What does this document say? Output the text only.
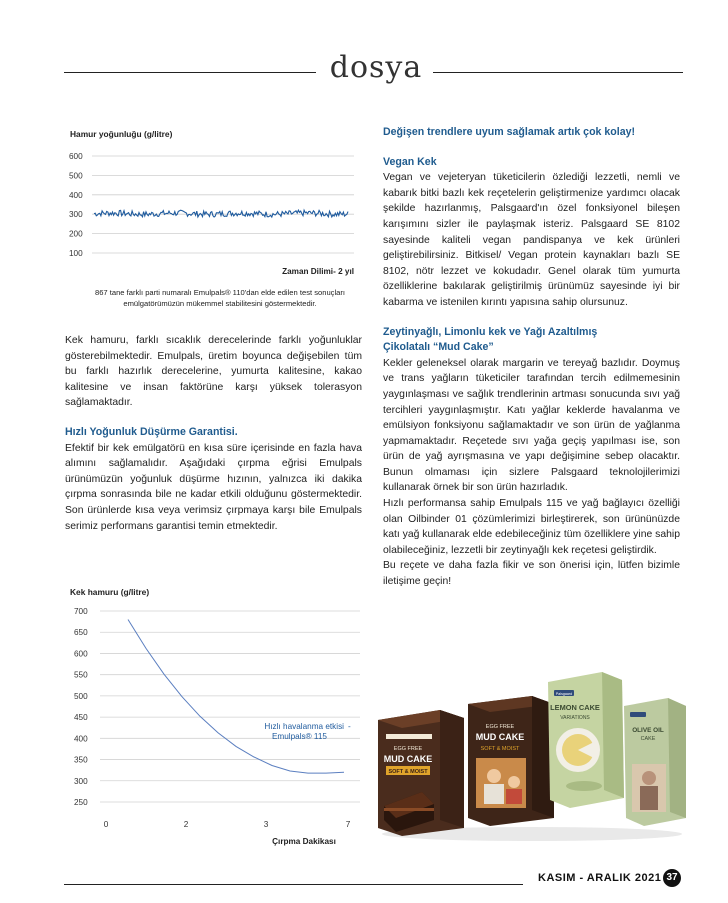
dosya
Hamur yoğunluğu (g/litre)
600
500
400
300
200
100
Zaman Dilimi- 2 yıl
867 tane farklı parti numaralı Emulpals® 110'dan elde edilen test sonuçları emülgatörümüzün mükemmel stabilitesini göstermektedir.

Kek hamuru, farklı sıcaklık derecelerinde farklı yoğunluklar gösterebilmektedir. Emulpals, üretim boyunca değişebilen tüm bu farklı hazırlık derecelerine, yumurta kalitesine, kakao kalitesine ve insan faktörüne karşı yüksek tolerasyon sağlamaktadır.

Hızlı Yoğunluk Düşürme Garantisi.

Efektif bir kek emülgatörü en kısa süre içerisinde en fazla hava alımını sağlamalıdır. Aşağıdaki çırpma eğrisi Emulpals ürünümüzün yoğunluk düşürme hızının, yalnızca iki dakika çırpma sonrasında bile ne kadar etkili olduğunu göstermektedir. Son ürünlerde kısa veya verimsiz çırpmaya karşı bile Emulpals serimiz performans garantisi temin etmektedir.

Kek hamuru (g/litre)
700
650
600
550
500
450
400
350
300
250
0	2	3	7
Hızlı havalanma etkisi -
Emulpals® 115
Çırpma Dakikası

Değişen trendlere uyum sağlamak artık çok kolay!

Vegan Kek

Vegan ve vejeteryan tüketicilerin özlediği lezzetli, nemli ve kabarık bitki bazlı kek reçetelerin geliştirmenize yardımcı olacak şekilde hazırlanmış, Palsgaard'ın özel fonksiyonel bileşen karışımını sizler ile paylaşmak isteriz. Palsgaard SE 8102 sayesinde kaliteli vegan pandispanya ve kek ürünleri geliştirebilirsiniz. Bitkisel/ Vegan protein kaynakları bazlı SE 8102, nötr lezzet ve kokudadır. Genel olarak tüm yumurta özelliklerine bakılarak geliştirilmiş ürünümüz sayesinde iyi bir kabarma ve istenilen kırıntı yapısına sahip olursunuz.

Zeytinyağlı, Limonlu kek ve Yağı Azaltılmış

Çikolatalı “Mud Cake”

Kekler geleneksel olarak margarin ve tereyağ bazlıdır. Doymuş ve trans yağların tüketiciler tarafından tercih edilmemesinin yaygınlaşması ve sağlık trendlerinin artması sonucunda sıvı yağ tercihleri yaygınlaşmıştır. Katı yağlar keklerde havalanma ve emülsiyon fonksiyonu sağlamaktadır ve son ürün de yağlanma yapmamaktadır. Reçetede sıvı yağa geçiş yapılması ise, son ürün de yağ ayrışmasına ve yapı değişimine sebep olacaktır. Bunun olmaması için sizlere Palsgaard teknolojilerimizi kullanarak örnek bir son ürün hazırladık.

Hızlı performansa sahip Emulpals 115 ve yağ bağlayıcı özelliği olan Oilbinder 01 çözümlerimizi birleştirerek, son ürününüzde katı yağ kullanarak elde edebileceğiniz tüm özelliklere yine sahip olabileceğiniz, lezzetli bir zeytinyağlı kek reçetesi geliştirdik.

Bu reçete ve daha fazla fikir ve son önerisi için, lütfen bizimle iletişime geçin!

EGG FREE
MUD CAKE
SOFT & MOIST
EGG FREE
MUD CAKE
SOFT & MOIST
Palsgaard
LEMON CAKE
VARIATIONS
OLIVE OIL
CAKE
KASIM - ARALIK 2021 37
